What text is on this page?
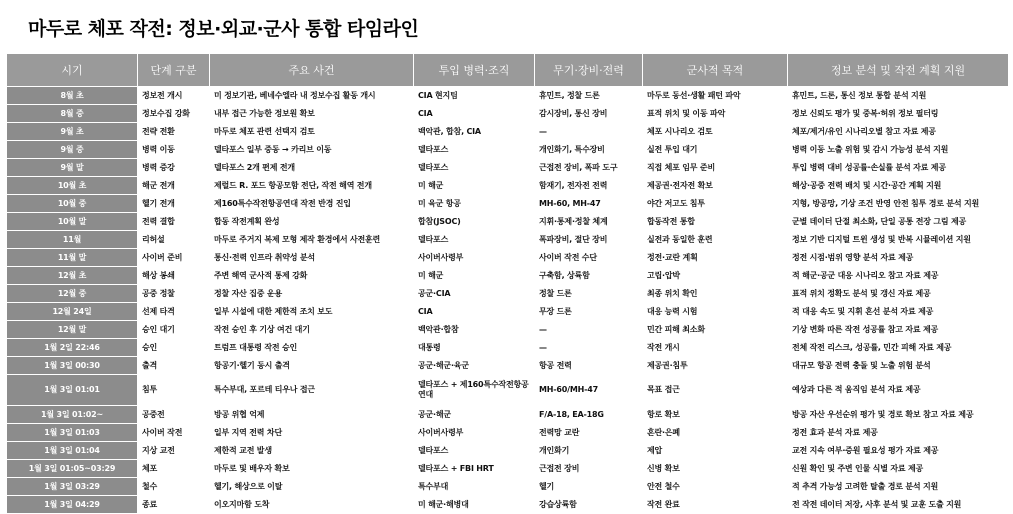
마두로 체포 작전: 정보·외교·군사 통합 타임라인
시기	단계 구분	주요 사건	투입 병력·조직	무기·장비·전력	군사적 목적	정보 분석 및 작전 계획 지원
8월 초	정보전 개시	미 정보기관, 베네수엘라 내 정보수집 활동 개시	CIA 현지팀	휴민트, 정찰 드론	마두로 동선·생활 패턴 파악	휴민트, 드론, 통신 정보 통합 분석 지원
8월 중	정보수집 강화	내부 접근 가능한 정보원 확보	CIA	감시장비, 통신 장비	표적 위치 및 이동 파악	정보 신뢰도 평가 및 중복·허위 정보 필터링
9월 초	전략 전환	마두로 체포 관련 선택지 검토	백악관, 합참, CIA	—	체포 시나리오 검토	체포/제거/유인 시나리오별 참고 자료 제공
9월 중	병력 이동	델타포스 일부 중동 → 카리브 이동	델타포스	개인화기, 특수장비	실전 투입 대기	병력 이동 노출 위험 및 감시 가능성 분석 지원
9월 말	병력 증강	델타포스 2개 편제 전개	델타포스	근접전 장비, 폭파 도구	직접 체포 임무 준비	투입 병력 대비 성공률·손실률 분석 자료 제공
10월 초	해군 전개	제럴드 R. 포드 항공모함 전단, 작전 해역 전개	미 해군	함재기, 전자전 전력	제공권·전자전 확보	해상·공중 전력 배치 및 시간·공간 계획 지원
10월 중	헬기 전개	제160특수작전항공연대 작전 반경 진입	미 육군 항공	MH-60, MH-47	야간 저고도 침투	지형, 방공망, 기상 조건 반영 안전 침투 경로 분석 지원
10월 말	전력 결합	합동 작전계획 완성	합참(JSOC)	지휘·통제·정찰 체계	합동작전 통합	군별 데이터 단절 최소화, 단일 공통 전장 그림 제공
11월	리허설	마두로 주거지 복제 모형 제작 환경에서 사전훈련	델타포스	폭파장비, 절단 장비	실전과 동일한 훈련	정보 기반 디지털 트윈 생성 및 반복 시뮬레이션 지원
11월 말	사이버 준비	통신·전력 인프라 취약성 분석	사이버사령부	사이버 작전 수단	정전·교란 계획	정전 시점·범위 영향 분석 자료 제공
12월 초	해상 봉쇄	주변 해역 군사적 통제 강화	미 해군	구축함, 상륙함	고립·압박	적 해군·공군 대응 시나리오 참고 자료 제공
12월 중	공중 정찰	정찰 자산 집중 운용	공군·CIA	정찰 드론	최종 위치 확인	표적 위치 정확도 분석 및 갱신 자료 제공
12월 24일	선제 타격	일부 시설에 대한 제한적 조치 보도	CIA	무장 드론	대응 능력 시험	적 대응 속도 및 지휘 혼선 분석 자료 제공
12월 말	승인 대기	작전 승인 후 기상 여건 대기	백악관·합참	—	민간 피해 최소화	기상 변화 따른 작전 성공률 참고 자료 제공
1월 2일 22:46	승인	트럼프 대통령 작전 승인	대통령	—	작전 개시	전체 작전 리스크, 성공률, 민간 피해 자료 제공
1월 3일 00:30	출격	항공기·헬기 동시 출격	공군·해군·육군	항공 전력	제공권·침투	대규모 항공 전력 충돌 및 노출 위험 분석
1월 3일 01:01	침투	특수부대, 포르테 티우나 접근	델타포스 + 제160특수작전항공연대	MH-60/MH-47	목표 접근	예상과 다른 적 움직임 분석 자료 제공
1월 3일 01:02~	공중전	방공 위협 억제	공군·해군	F/A-18, EA-18G	항로 확보	방공 자산 우선순위 평가 및 경로 확보 참고 자료 제공
1월 3일 01:03	사이버 작전	일부 지역 전력 차단	사이버사령부	전력망 교란	혼란·은폐	정전 효과 분석 자료 제공
1월 3일 01:04	지상 교전	제한적 교전 발생	델타포스	개인화기	제압	교전 지속 여부·증원 필요성 평가 자료 제공
1월 3일 01:05~03:29	체포	마두로 및 배우자 확보	델타포스 + FBI HRT	근접전 장비	신병 확보	신원 확인 및 주변 인물 식별 자료 제공
1월 3일 03:29	철수	헬기, 해상으로 이탈	특수부대	헬기	안전 철수	적 추격 가능성 고려한 탈출 경로 분석 지원
1월 3일 04:29	종료	이오지마함 도착	미 해군·해병대	강습상륙함	작전 완료	전 작전 데이터 저장, 사후 분석 및 교훈 도출 지원
